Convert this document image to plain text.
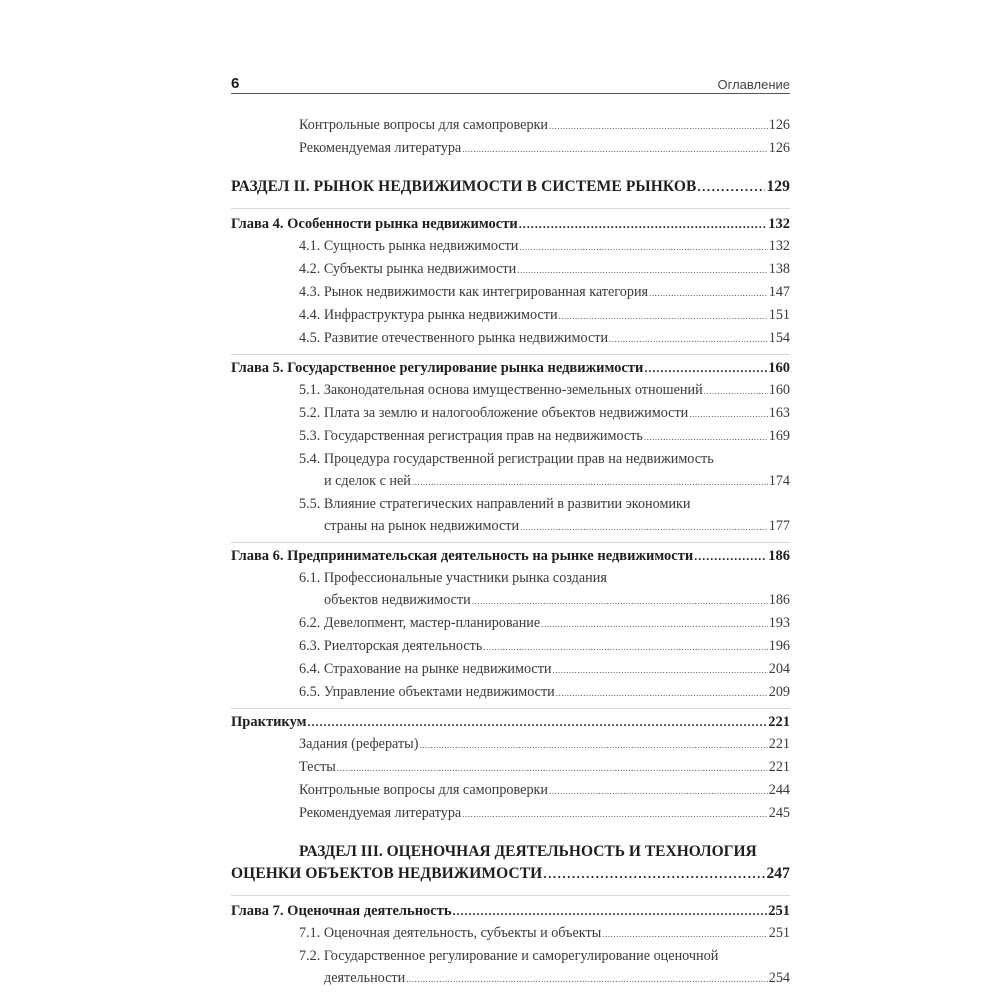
6	Оглавление
Контрольные вопросы для самопроверки .....	126
Рекомендуемая литература .....	126
РАЗДЕЛ II. РЫНОК НЕДВИЖИМОСТИ В СИСТЕМЕ РЫНКОВ .....	129
Глава 4. Особенности рынка недвижимости .....	132
4.1. Сущность рынка недвижимости .....	132
4.2. Субъекты рынка недвижимости .....	138
4.3. Рынок недвижимости как интегрированная категория .....	147
4.4. Инфраструктура рынка недвижимости .....	151
4.5. Развитие отечественного рынка недвижимости .....	154
Глава 5. Государственное регулирование рынка недвижимости .....	160
5.1. Законодательная основа имущественно-земельных отношений .....	160
5.2. Плата за землю и налогообложение объектов недвижимости .....	163
5.3. Государственная регистрация прав на недвижимость .....	169
5.4. Процедура государственной регистрации прав на недвижимость
и сделок с ней .....	174
5.5. Влияние стратегических направлений в развитии экономики
страны на рынок недвижимости .....	177
Глава 6. Предпринимательская деятельность на рынке недвижимости .....	186
6.1. Профессиональные участники рынка создания
объектов недвижимости .....	186
6.2. Девелопмент, мастер-планирование .....	193
6.3. Риелторская деятельность .....	196
6.4. Страхование на рынке недвижимости .....	204
6.5. Управление объектами недвижимости .....	209
Практикум .....	221
Задания (рефераты) .....	221
Тесты .....	221
Контрольные вопросы для самопроверки .....	244
Рекомендуемая литература .....	245
РАЗДЕЛ III. ОЦЕНОЧНАЯ ДЕЯТЕЛЬНОСТЬ И ТЕХНОЛОГИЯ
ОЦЕНКИ ОБЪЕКТОВ НЕДВИЖИМОСТИ .....	247
Глава 7. Оценочная деятельность .....	251
7.1. Оценочная деятельность, субъекты и объекты .....	251
7.2. Государственное регулирование и саморегулирование оценочной
деятельности .....	254
